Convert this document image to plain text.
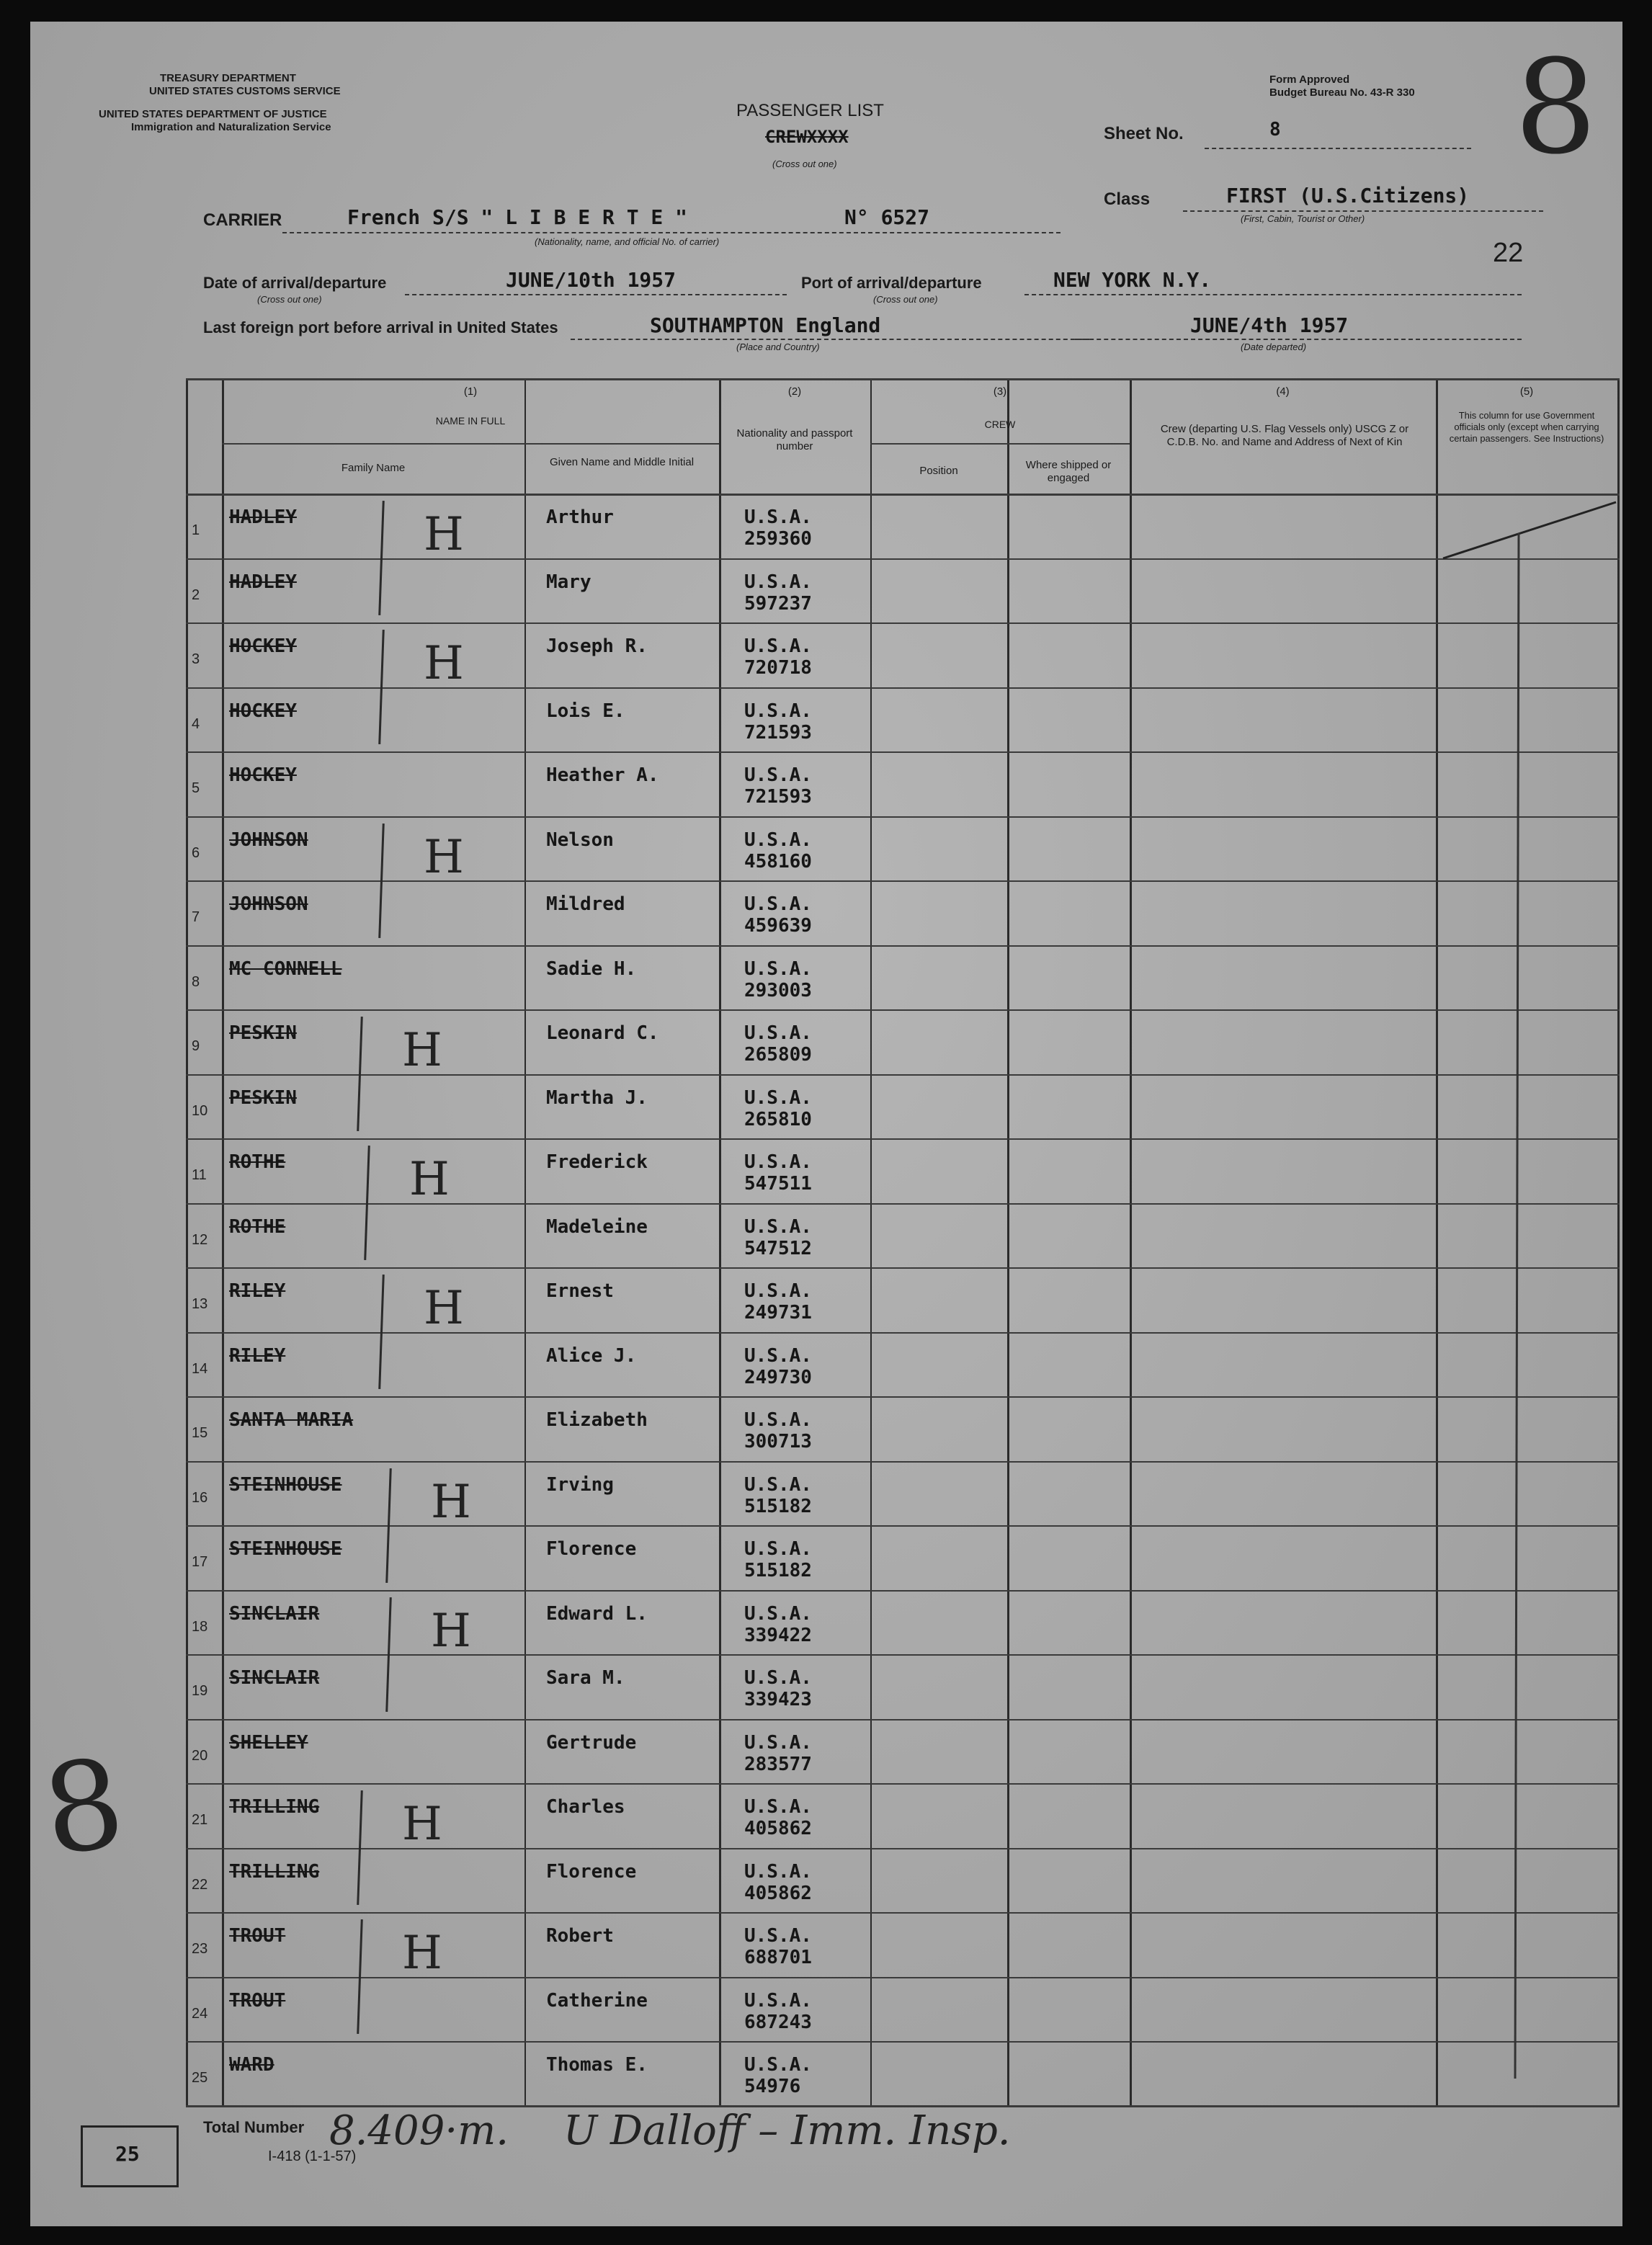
TREASURY DEPARTMENT
UNITED STATES CUSTOMS SERVICE
UNITED STATES DEPARTMENT OF JUSTICE
Immigration and Naturalization Service
PASSENGER LIST
CREWXXXX
(Cross out one)
Form Approved
Budget Bureau No. 43-R 330 8
Sheet No.	8
Class	FIRST (U.S.Citizens)
(First, Cabin, Tourist or Other)
22
CARRIER	French S/S " L I B E R T E "	N° 6527
(Nationality, name, and official No. of carrier)
Date of arrival/departure
(Cross out one)
JUNE/10th 1957	Port of arrival/departure
(Cross out one)
NEW YORK N.Y.
Last foreign port before arrival in United States	SOUTHAMPTON England
(Place and Country)
JUNE/4th 1957
(Date departed)
(1)
NAME IN FULL
Family Name	Given Name and Middle Initial
(2)
Nationality and passport number
(3)
CREW
Position	Where shipped or engaged
(4)
Crew (departing U.S. Flag Vessels only) USCG Z or C.D.B. No. and Name and Address of Next of Kin
(5)
This column for use Government officials only (except when carrying certain passengers. See Instructions)
1
HADLEY	Arthur	U.S.A.
259360
H
2
HADLEY	Mary	U.S.A.
597237
3
HOCKEY	Joseph R.	U.S.A.
720718
H
4
HOCKEY	Lois E.	U.S.A.
721593
5
HOCKEY	Heather A.	U.S.A.
721593
6
JOHNSON	Nelson	U.S.A.
458160
H
7
JOHNSON	Mildred	U.S.A.
459639
8
MC CONNELL	Sadie H.	U.S.A.
293003
9
PESKIN	Leonard C.	U.S.A.
265809
H
10
PESKIN	Martha J.	U.S.A.
265810
11
ROTHE	Frederick	U.S.A.
547511
H
12
ROTHE	Madeleine	U.S.A.
547512
13
RILEY	Ernest	U.S.A.
249731
H
14
RILEY	Alice J.	U.S.A.
249730
15
SANTA MARIA	Elizabeth	U.S.A.
300713
16
STEINHOUSE	Irving	U.S.A.
515182
H
17
STEINHOUSE	Florence	U.S.A.
515182
18
SINCLAIR	Edward L.	U.S.A.
339422
H
19
SINCLAIR	Sara M.	U.S.A.
339423
20
SHELLEY	Gertrude	U.S.A.
283577
21
TRILLING	Charles	U.S.A.
405862
H
22
TRILLING	Florence	U.S.A.
405862
23
TROUT	Robert	U.S.A.
688701
H
24
TROUT	Catherine	U.S.A.
687243
25
WARD	Thomas E.	U.S.A.
54976
25
Total Number
I-418 (1-1-57)
8.409·m. U Dalloff – Imm. Insp.
8
